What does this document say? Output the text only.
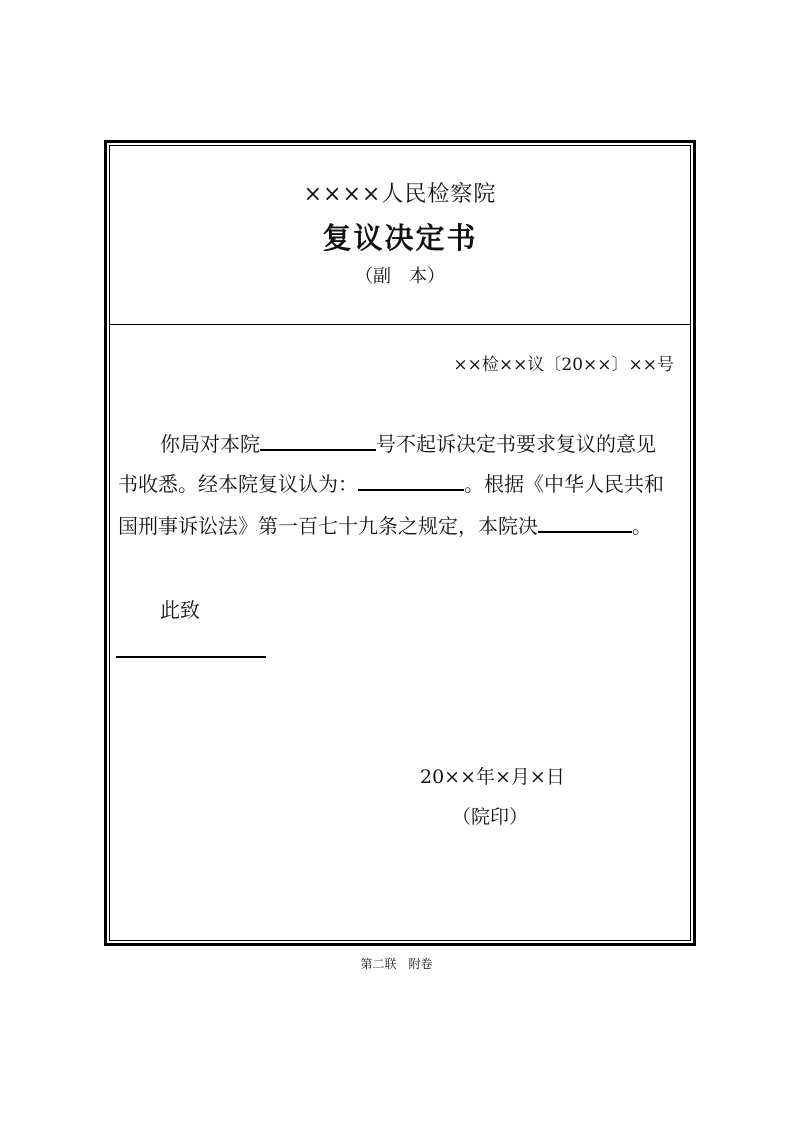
××××人民检察院
复议决定书
（副　本）
××检××议〔20××〕××号
你局对本院	号不起诉决定书要求复议的意见
书收悉。经本院复议认为：	。根据《中华人民共和
国刑事诉讼法》第一百七十九条之规定，本院决	。
此致
20××年×月×日
（院印）
第二联　附卷
